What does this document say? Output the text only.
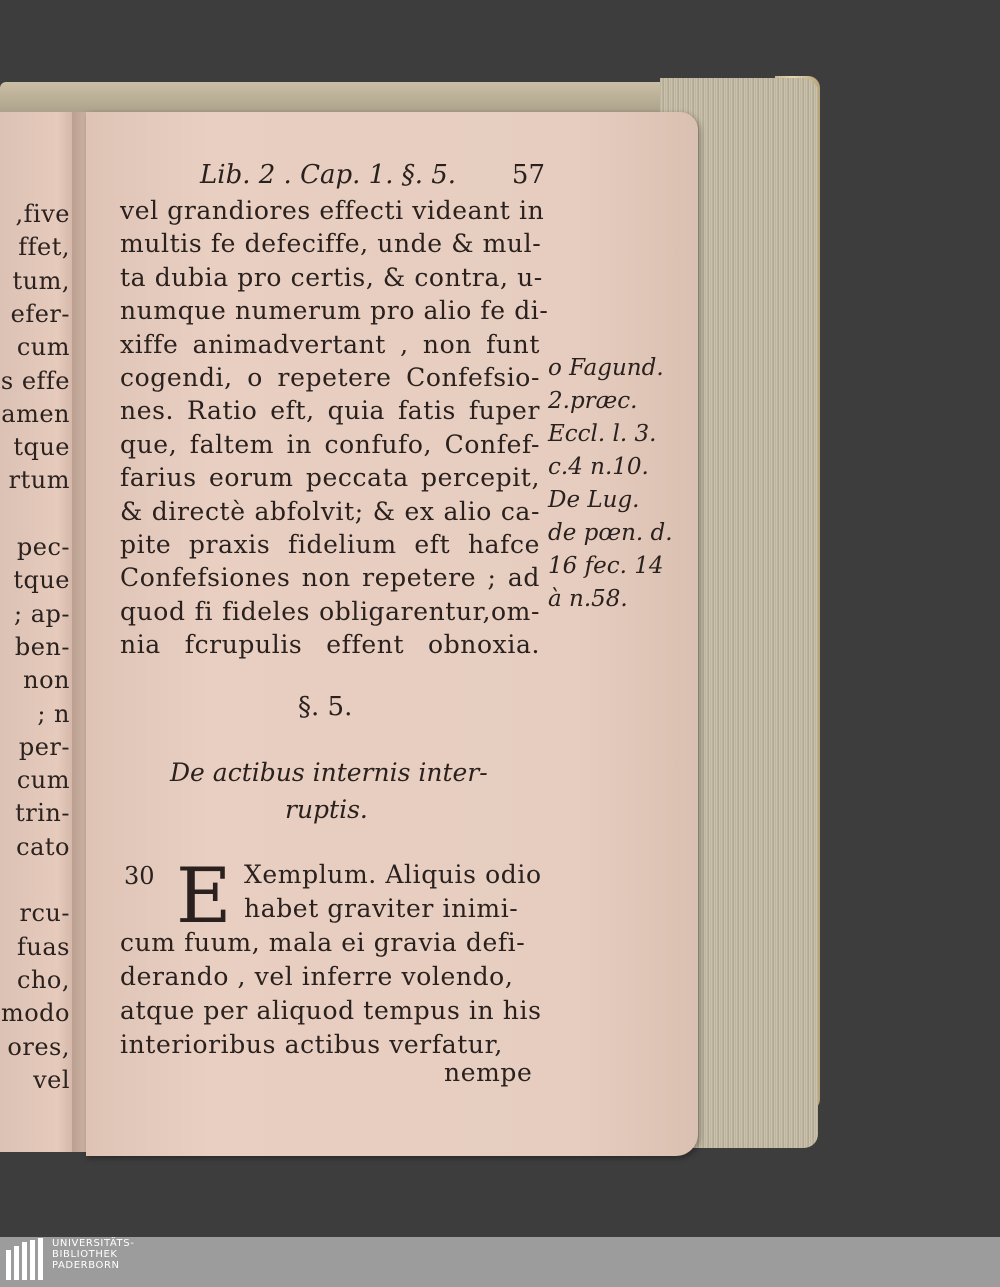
,five
ffet,
tum,
efer-
cum
s effe
amen
tque
rtum
pec-
tque
; ap-
ben-
non
; n
per-
cum
trin-
cato
rcu-
fuas
cho,
modo
ores,
vel
Lib. 2 . Cap. 1. §. 5. 57
vel grandiores effecti videant in
multis fe defeciffe, unde & mul-
ta dubia pro certis, & contra, u-
numque numerum pro alio fe di-
xiffe animadvertant , non funt
cogendi, o repetere Confefsio-
nes. Ratio eft, quia fatis fuper
que, faltem in confufo, Confef-
farius eorum peccata percepit,
& directè abfolvit; & ex alio ca-
pite praxis fidelium eft hafce
Confefsiones non repetere ; ad
quod fi fideles obligarentur,om-
nia fcrupulis effent obnoxia.
o Fagund.
2.præc.
Eccl. l. 3.
c.4 n.10.
De Lug.
de pœn. d.
16 fec. 14
à n.58.
§. 5.
De actibus internis inter-
ruptis.
30 E Xemplum. Aliquis odio
habet graviter inimi-
cum fuum, mala ei gravia defi-
derando , vel inferre volendo,
atque per aliquod tempus in his
interioribus actibus verfatur,
nempe
UNIVERSITÄTS-
BIBLIOTHEK
PADERBORN
